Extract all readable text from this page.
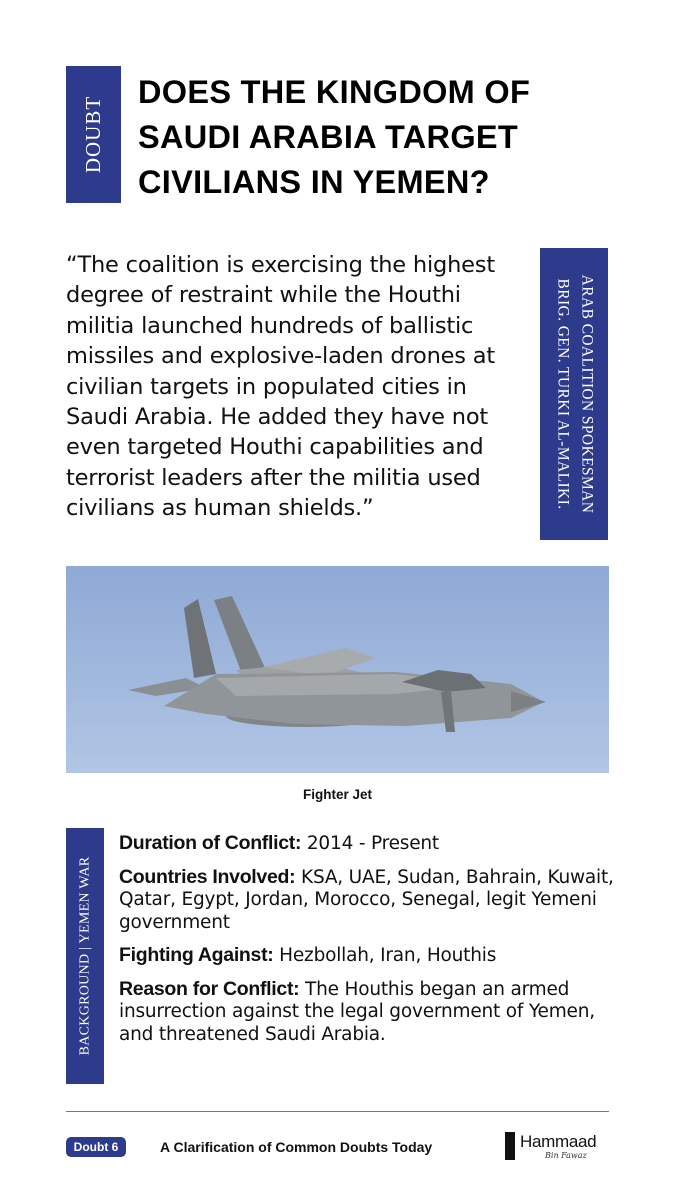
DOUBT
DOES THE KINGDOM OF
SAUDI ARABIA TARGET
CIVILIANS IN YEMEN?
“The coalition is exercising the highest
degree of restraint while the Houthi
militia launched hundreds of ballistic
missiles and explosive-laden drones at
civilian targets in populated cities in
Saudi Arabia. He added they have not
even targeted Houthi capabilities and
terrorist leaders after the militia used
civilians as human shields.”	ARAB COALITION SPOKESMAN
BRIG. GEN. TURKI AL-MALIKI.
Fighter Jet
BACKGROUND | YEMEN WAR
Duration of Conflict: 2014 - Present
Countries Involved: KSA, UAE, Sudan, Bahrain, Kuwait, Qatar, Egypt, Jordan, Morocco, Senegal, legit Yemeni government
Fighting Against: Hezbollah, Iran, Houthis
Reason for Conflict: The Houthis began an armed insurrection against the legal government of Yemen, and threatened Saudi Arabia.
Doubt 6	A Clarification of Common Doubts Today	Hammaad
Bin Fawaz
